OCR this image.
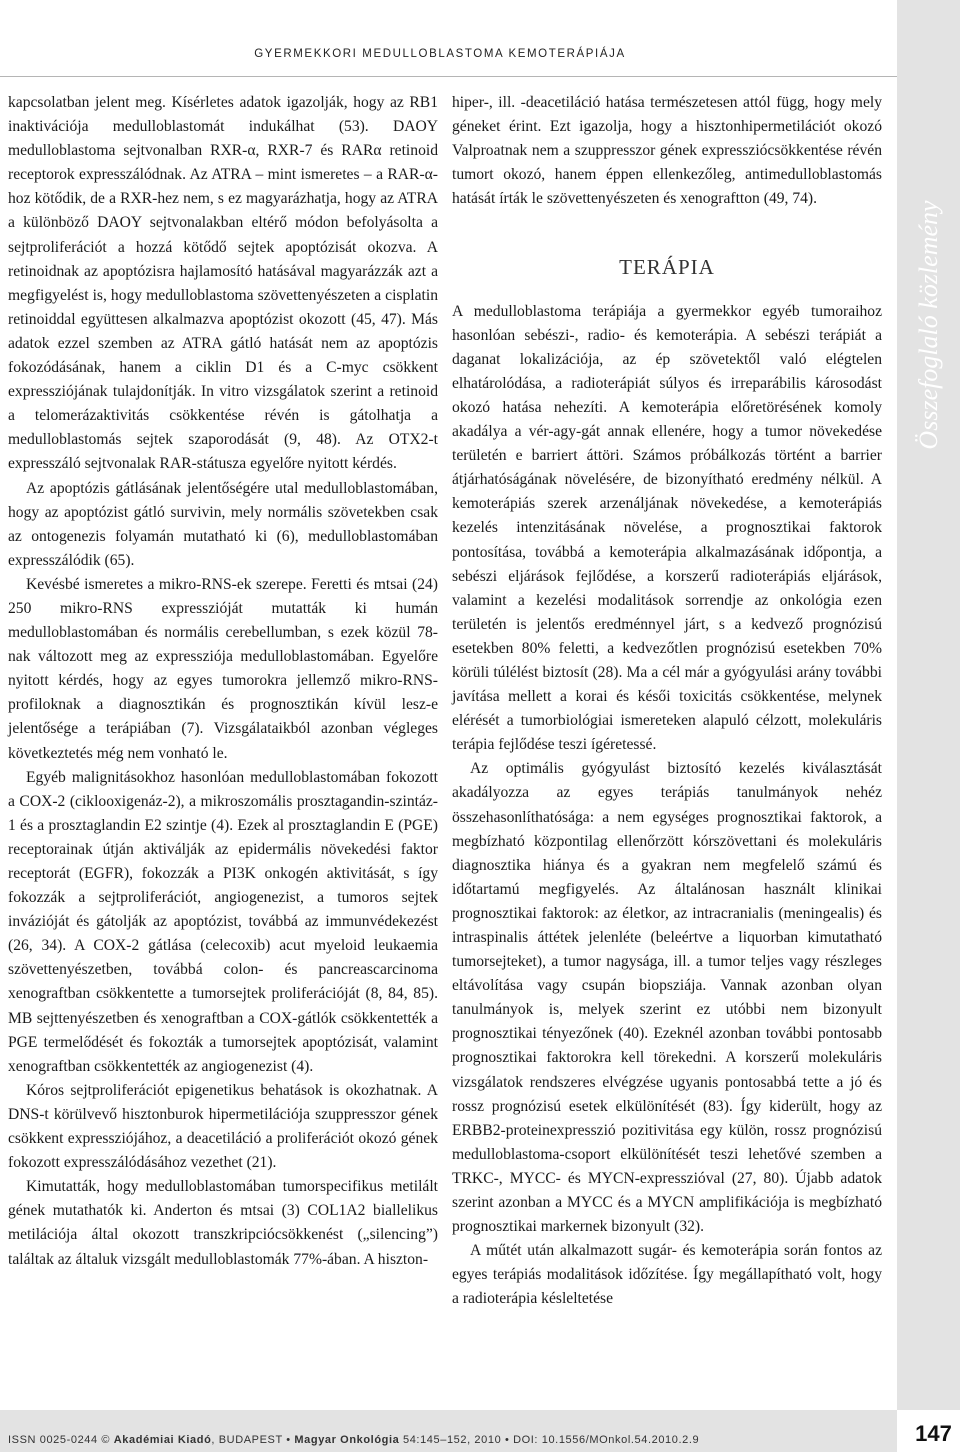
GYERMEKKORI MEDULLOBLASTOMA KEMOTERÁPIÁJA

kapcsolatban jelent meg. Kísérletes adatok igazolják, hogy az RB1 inaktivációja medulloblastomát indukálhat (53). DAOY medulloblastoma sejtvonalban RXR-α, RXR-7 és RARα retinoid receptorok expresszálódnak. Az ATRA – mint ismeretes – a RAR-α-hoz kötődik, de a RXR-hez nem, s ez magyarázhatja, hogy az ATRA a különböző DAOY sejtvonalakban eltérő módon befolyásolta a sejtproliferációt a hozzá kötődő sejtek apoptózisát okozva. A retinoidnak az apoptózisra hajlamosító hatásával magyarázzák azt a megfigyelést is, hogy medulloblastoma szövettenyészeten a cisplatin retinoiddal együttesen alkalmazva apoptózist okozott (45, 47). Más adatok ezzel szemben az ATRA gátló hatását nem az apoptózis fokozódásának, hanem a ciklin D1 és a C-myc csökkent expressziójának tulajdonítják. In vitro vizsgálatok szerint a retinoid a telomerázaktivitás csökkentése révén is gátolhatja a medulloblastomás sejtek szaporodását (9, 48). Az OTX2-t expresszáló sejtvonalak RAR-státusza egyelőre nyitott kérdés.

Az apoptózis gátlásának jelentőségére utal medulloblastomában, hogy az apoptózist gátló survivin, mely normális szövetekben csak az ontogenezis folyamán mutatható ki (6), medulloblastomában expresszálódik (65).

Kevésbé ismeretes a mikro-RNS-ek szerepe. Feretti és mtsai (24) 250 mikro-RNS expresszióját mutatták ki humán medulloblastomában és normális cerebellumban, s ezek közül 78-nak változott meg az expressziója medulloblastomában. Egyelőre nyitott kérdés, hogy az egyes tumorokra jellemző mikro-RNS-profiloknak a diagnosztikán és prognosztikán kívül lesz-e jelentősége a terápiában (7). Vizsgálataikból azonban végleges következtetés még nem vonható le.

Egyéb malignitásokhoz hasonlóan medulloblastomában fokozott a COX-2 (ciklooxigenáz-2), a mikroszomális prosztagandin-szintáz-1 és a prosztaglandin E2 szintje (4). Ezek al prosztaglandin E (PGE) receptorainak útján aktiválják az epidermális növekedési faktor receptorát (EGFR), fokozzák a PI3K onkogén aktivitását, s így fokozzák a sejtproliferációt, angiogenezist, a tumoros sejtek invázióját és gátolják az apoptózist, továbbá az immunvédekezést (26, 34). A COX-2 gátlása (celecoxib) acut myeloid leukaemia szövettenyészetben, továbbá colon- és pancreascarcinoma xenograftban csökkentette a tumorsejtek proliferációját (8, 84, 85). MB sejttenyészetben és xenograftban a COX-gátlók csökkentették a PGE termelődését és fokozták a tumorsejtek apoptózisát, valamint xenograftban csökkentették az angiogenezist (4).

Kóros sejtproliferációt epigenetikus behatások is okozhatnak. A DNS-t körülvevő hisztonburok hipermetilációja szuppresszor gének csökkent expressziójához, a deacetiláció a proliferációt okozó gének fokozott expresszálódásához vezethet (21).

Kimutatták, hogy medulloblastomában tumorspecifikus metilált gének mutathatók ki. Anderton és mtsai (3) COL1A2 biallelikus metilációja által okozott transzkripciócsökkenést („silencing”) találtak az általuk vizsgált medulloblastomák 77%-ában. A hiszton-

hiper-, ill. -deacetiláció hatása természetesen attól függ, hogy mely géneket érint. Ezt igazolja, hogy a hisztonhipermetilációt okozó Valproatnak nem a szuppresszor gének expressziócsökkentése révén tumort okozó, hanem éppen ellenkezőleg, antimedulloblastomás hatását írták le szövettenyészeten és xenograftton (49, 74).

TERÁPIA

A medulloblastoma terápiája a gyermekkor egyéb tumoraihoz hasonlóan sebészi-, radio- és kemoterápia. A sebészi terápiát a daganat lokalizációja, az ép szövetektől való elégtelen elhatárolódása, a radioterápiát súlyos és irreparábilis károsodást okozó hatása nehezíti. A kemoterápia előretörésének komoly akadálya a vér-agy-gát annak ellenére, hogy a tumor növekedése területén e barriert áttöri. Számos próbálkozás történt a barrier átjárhatóságának növelésére, de bizonyítható eredmény nélkül. A kemoterápiás szerek arzenáljának növekedése, a kemoterápiás kezelés intenzitásának növelése, a prognosztikai faktorok pontosítása, továbbá a kemoterápia alkalmazásának időpontja, a sebészi eljárások fejlődése, a korszerű radioterápiás eljárások, valamint a kezelési modalitások sorrendje az onkológia ezen területén is jelentős eredménnyel járt, s a kedvező prognózisú esetekben 80% feletti, a kedvezőtlen prognózisú esetekben 70% körüli túlélést biztosít (28). Ma a cél már a gyógyulási arány további javítása mellett a korai és késői toxicitás csökkentése, melynek elérését a tumorbiológiai ismereteken alapuló célzott, molekuláris terápia fejlődése teszi ígéretessé.

Az optimális gyógyulást biztosító kezelés kiválasztását akadályozza az egyes terápiás tanulmányok nehéz összehasonlíthatósága: a nem egységes prognosztikai faktorok, a megbízható központilag ellenőrzött kórszövettani és molekuláris diagnosztika hiánya és a gyakran nem megfelelő számú és időtartamú megfigyelés. Az általánosan használt klinikai prognosztikai faktorok: az életkor, az intracranialis (meningealis) és intraspinalis áttétek jelenléte (beleértve a liquorban kimutatható tumorsejteket), a tumor nagysága, ill. a tumor teljes vagy részleges eltávolítása vagy csupán biopsziája. Vannak azonban olyan tanulmányok is, melyek szerint ez utóbbi nem bizonyult prognosztikai tényezőnek (40). Ezeknél azonban további pontosabb prognosztikai faktorokra kell törekedni. A korszerű molekuláris vizsgálatok rendszeres elvégzése ugyanis pontosabbá tette a jó és rossz prognózisú esetek elkülönítését (83). Így kiderült, hogy az ERBB2-proteinexpresszió pozitivitása egy külön, rossz prognózisú medulloblastoma-csoport elkülönítését teszi lehetővé szemben a TRKC-, MYCC- és MYCN-expresszióval (27, 80). Újabb adatok szerint azonban a MYCC és a MYCN amplifikációja is megbízható prognosztikai markernek bizonyult (32).

A műtét után alkalmazott sugár- és kemoterápia során fontos az egyes terápiás modalitások időzítése. Így megállapítható volt, hogy a radioterápia késleltetése

Összefoglaló közlemény
ISSN 0025-0244 © Akadémiai Kiadó, BUDAPEST • Magyar Onkológia 54:145–152, 2010 • DOI: 10.1556/MOnkol.54.2010.2.9	147
